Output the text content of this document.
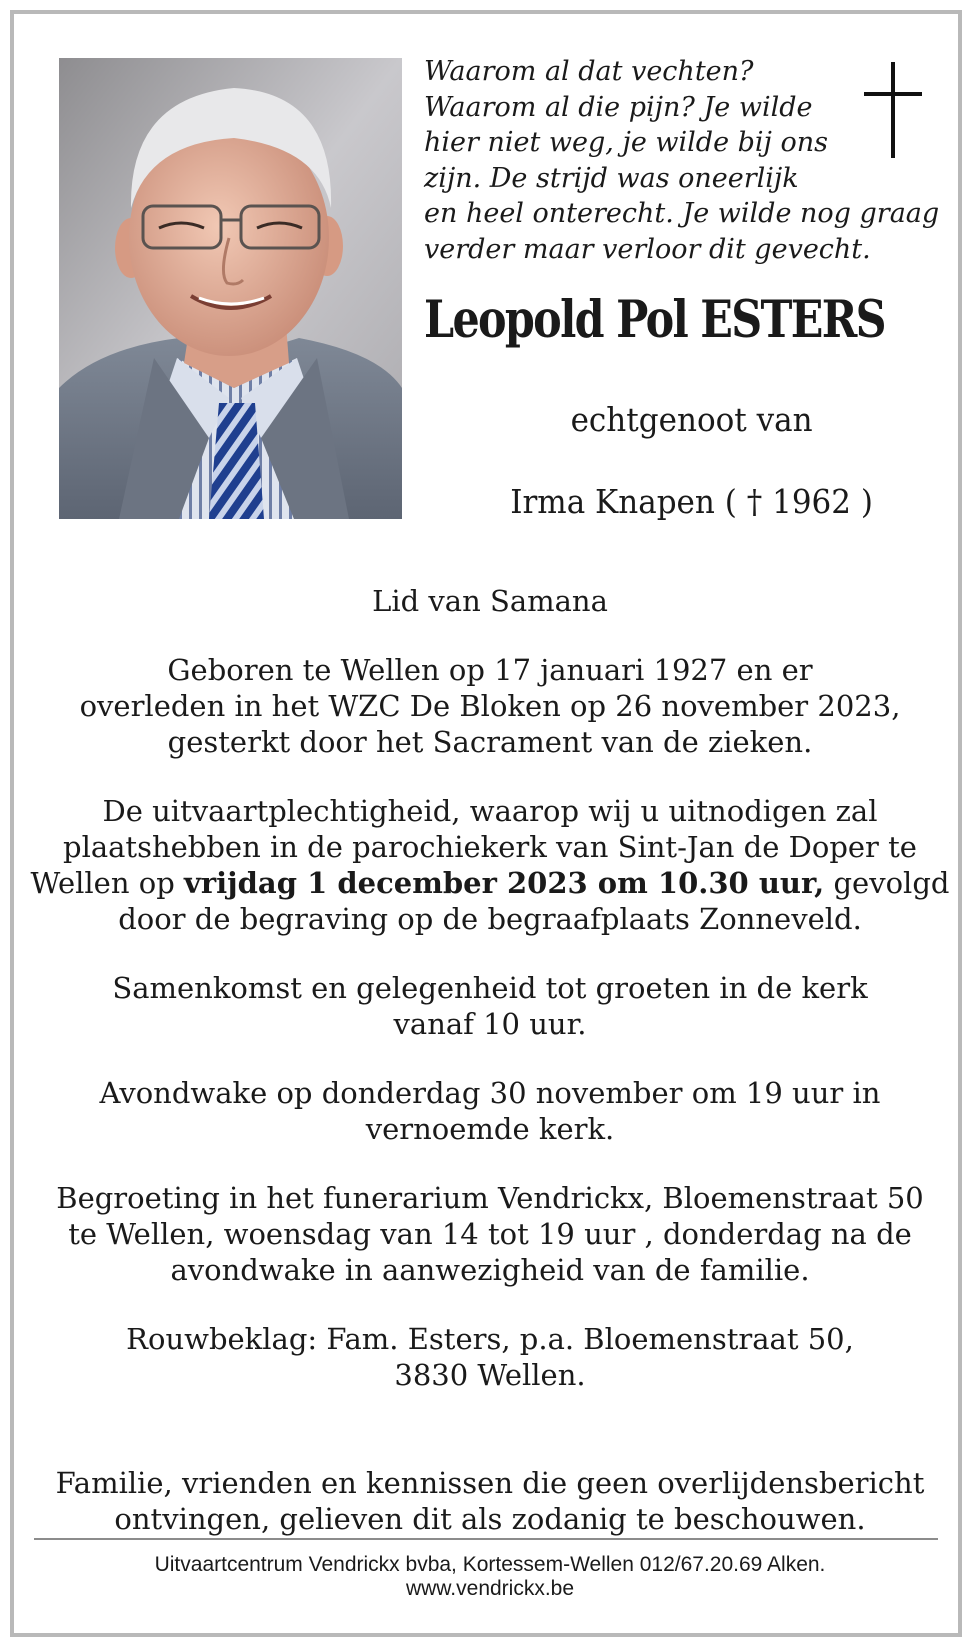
Waarom al dat vechten?
Waarom al die pijn? Je wilde
hier niet weg, je wilde bij ons
zijn. De strijd was oneerlijk
en heel onterecht. Je wilde nog graag
verder maar verloor dit gevecht.
Leopold Pol ESTERS
echtgenoot van
Irma Knapen ( † 1962 )

Lid van Samana

Geboren te Wellen op 17 januari 1927 en er
overleden in het WZC De Bloken op 26 november 2023,
gesterkt door het Sacrament van de zieken.

De uitvaartplechtigheid, waarop wij u uitnodigen zal
plaatshebben in de parochiekerk van Sint-Jan de Doper te
Wellen op vrijdag 1 december 2023 om 10.30 uur, gevolgd
door de begraving op de begraafplaats Zonneveld.

Samenkomst en gelegenheid tot groeten in de kerk
vanaf 10 uur.

Avondwake op donderdag 30 november om 19 uur in
vernoemde kerk.

Begroeting in het funerarium Vendrickx, Bloemenstraat 50
te Wellen, woensdag van 14 tot 19 uur , donderdag na de
avondwake in aanwezigheid van de familie.

Rouwbeklag: Fam. Esters, p.a. Bloemenstraat 50,
3830 Wellen.

Familie, vrienden en kennissen die geen overlijdensbericht
ontvingen, gelieven dit als zodanig te beschouwen.

Uitvaartcentrum Vendrickx bvba, Kortessem-Wellen 012/67.20.69 Alken.
www.vendrickx.be
